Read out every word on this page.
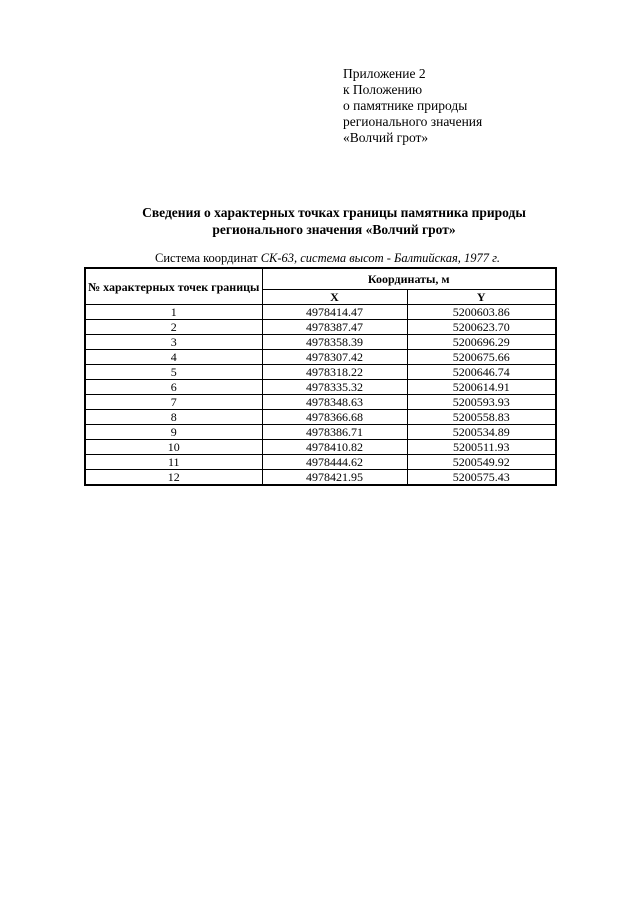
Приложение 2
к Положению
о памятнике природы
регионального значения
«Волчий грот»
Сведения о характерных точках границы памятника природы
регионального значения «Волчий грот»
Система координат СК-63, система высот - Балтийская, 1977 г.
№ характерных точек границы	Координаты, м	
	X	Y
1	4978414.47	5200603.86
2	4978387.47	5200623.70
3	4978358.39	5200696.29
4	4978307.42	5200675.66
5	4978318.22	5200646.74
6	4978335.32	5200614.91
7	4978348.63	5200593.93
8	4978366.68	5200558.83
9	4978386.71	5200534.89
10	4978410.82	5200511.93
11	4978444.62	5200549.92
12	4978421.95	5200575.43
